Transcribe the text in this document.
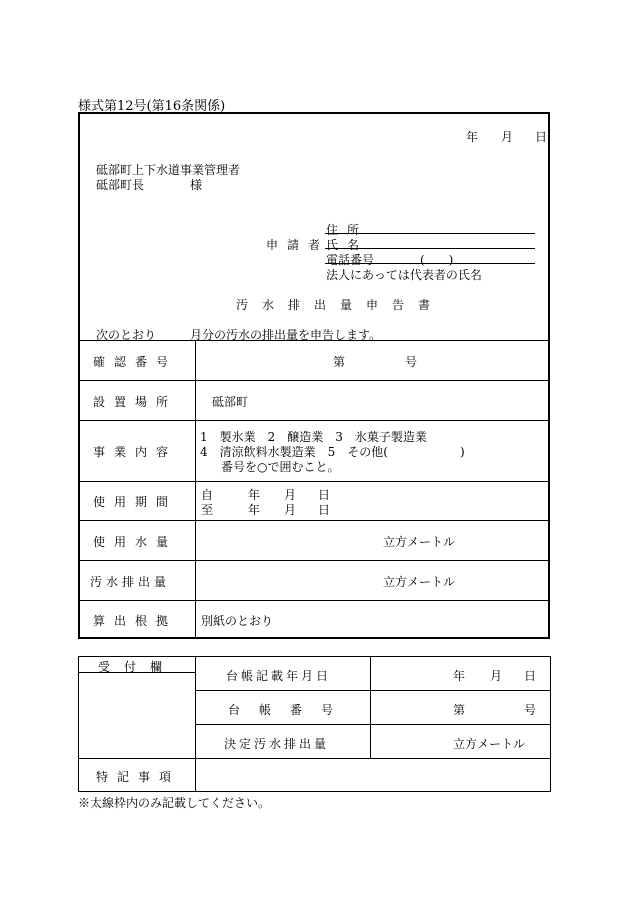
様式第12号(第16条関係)
年 月 日
砥部町上下水道事業管理者
砥部町長	様
申請者
住所
氏名
電話番号	(　　)
法人にあっては代表者の氏名
汚水排出量申告書
次のとおり	月分の汚水の排出量を申告します。
確認番号	第	号
設置場所	砥部町
事業内容
1　製氷業　2　醸造業　3　氷菓子製造業
4　清涼飲料水製造業　5　その他(　　　　　　)
番号を○で囲むこと。
使用期間 自	年 月 日
至	年 月 日
使用水量	立方メートル
汚水排出量	立方メートル
算出根拠 別紙のとおり
受付欄
台帳記載年月日	年 月 日
台帳番号	第	号
決定汚水排出量	立方メートル
特記事項
※太線枠内のみ記載してください。
